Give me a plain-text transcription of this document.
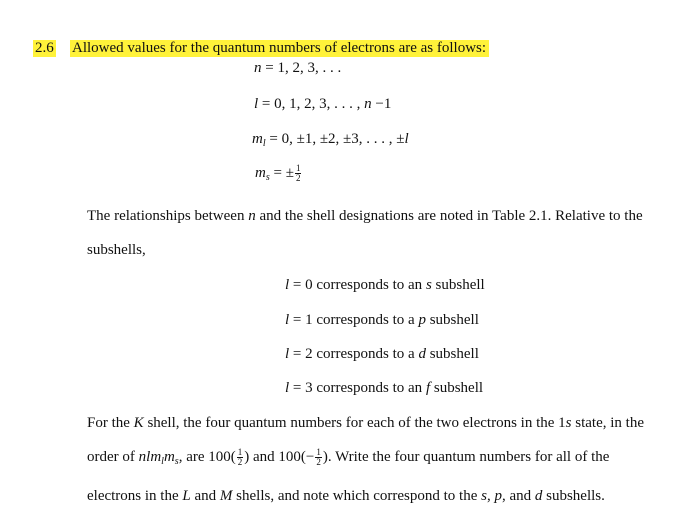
2.6 Allowed values for the quantum numbers of electrons are as follows:
n = 1, 2, 3, . . .
l = 0, 1, 2, 3, . . . , n −1
$m_l = 0$, ±1, ±2, ±3, . . . , ±l
$m_s$ = ± $\frac{1}{2}$
The relationships between n and the shell designations are noted in Table 2.1. Relative to the
subshells,
l = 0 corresponds to an s subshell
l = 1 corresponds to a p subshell
l = 2 corresponds to a d subshell
l = 3 corresponds to an f subshell
For the K shell, the four quantum numbers for each of the two electrons in the 1s state, in the
order of $nlm_lm_s$, are $100( \frac{1}{2}$ ) and $100(- \frac{1}{2}$ ). Write the four quantum numbers for all of the
electrons in the L and M shells, and note which correspond to the s, p, and d subshells.
